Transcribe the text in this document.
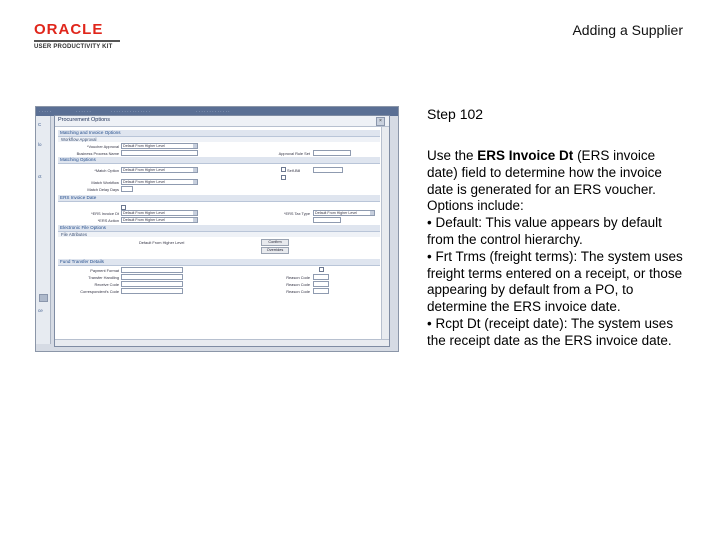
ORACLE
USER PRODUCTIVITY KIT
Adding a Supplier
· · · · ·	· · · · · ·	· · · · · · · · · · · · · · ·	· · · · · · · · · · · · ·
C
lo
ct
ce
Procurement Options	×
Matching and Invoice Options
Workflow Approval
*Voucher Approval Default From Higher Level
Business Process Name	Approval Rule Set
Matching Options
*Match Option Default From Higher Level	Self-Bill
Match Workflow Default From Higher Level
Match Delay Days
ERS Invoice Date
*ERS Invoice Dt Default From Higher Level	*ERS Tax Type Default From Higher Level
*ERS Action Default From Higher Level
Electronic File Options
File Attributes
Default From Higher Level	Confirm
Overrides
Fund Transfer Details
Payment Format
Transfer Handling	Reason Code
Receive Code	Reason Code
Correspondent's Code	Reason Code
Step 102

Use the ERS Invoice Dt (ERS invoice date) field to determine how the invoice date is generated for an ERS voucher.

Options include:

• Default: This value appears by default from the control hierarchy.

• Frt Trms (freight terms): The system uses freight terms entered on a receipt, or those appearing by default from a PO, to determine the ERS invoice date.

• Rcpt Dt (receipt date): The system uses the receipt date as the ERS invoice date.
